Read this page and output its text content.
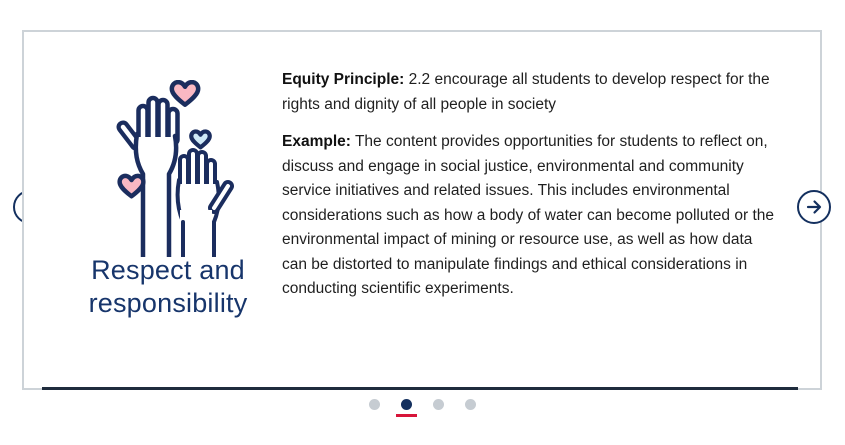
Respect and responsibility

Equity Principle: 2.2 encourage all students to develop respect for the rights and dignity of all people in society

Example: The content provides opportunities for students to reflect on, discuss and engage in social justice, environmental and community service initiatives and related issues. This includes environmental considerations such as how a body of water can become polluted or the environmental impact of mining or resource use, as well as how data can be distorted to manipulate findings and ethical considerations in conducting scientific experiments.
